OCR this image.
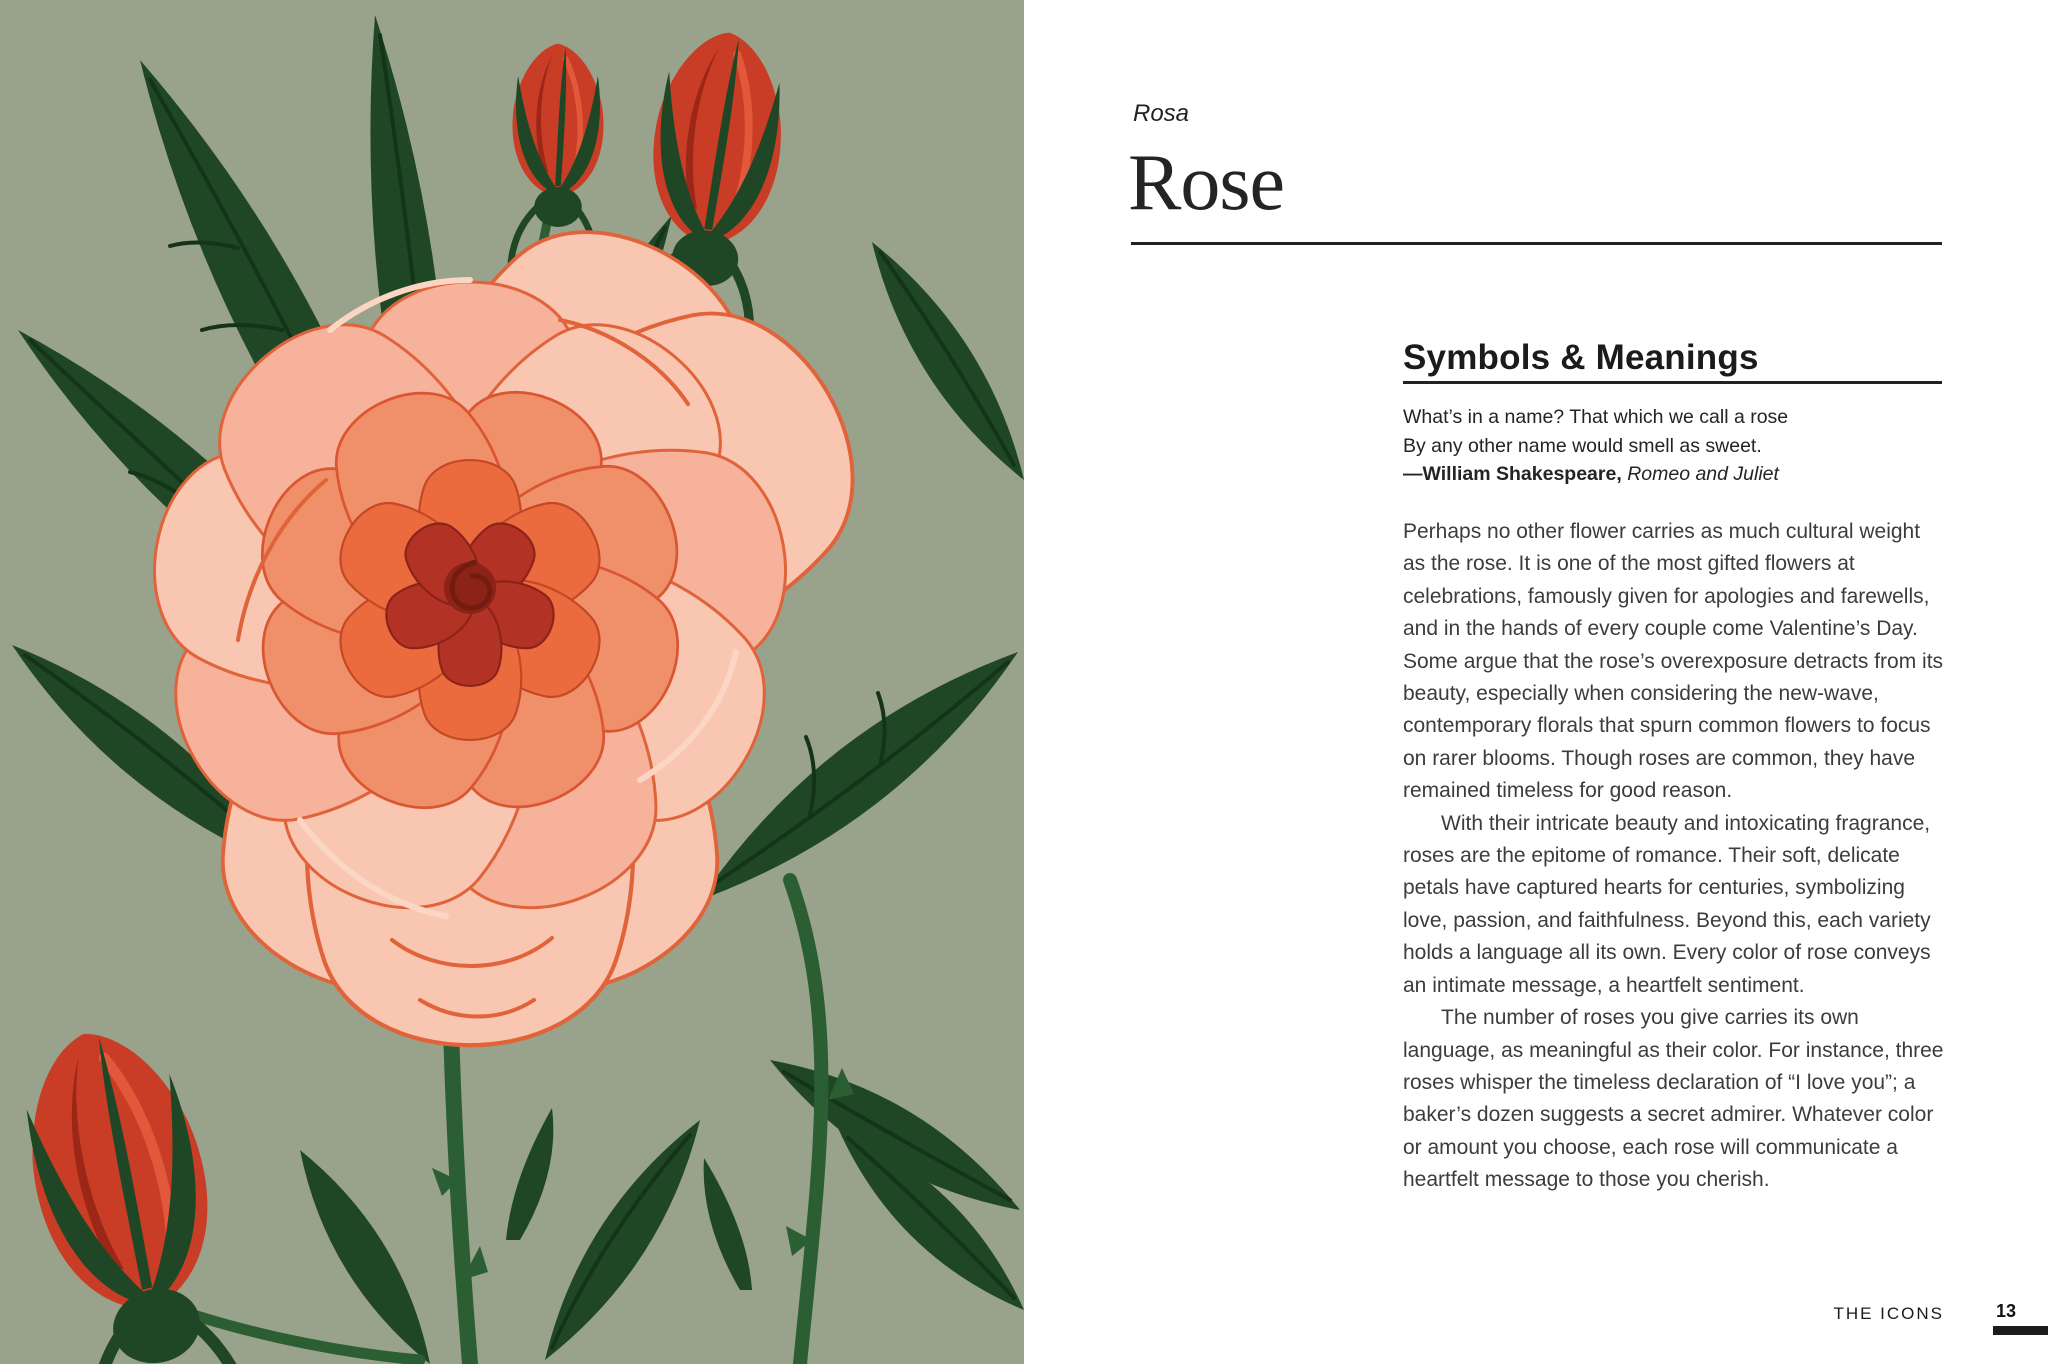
Rosa
Rose
Symbols & Meanings
What’s in a name? That which we call a rose
By any other name would smell as sweet.
—William Shakespeare, Romeo and Juliet

Perhaps no other flower carries as much cultural weight as the rose. It is one of the most gifted flowers at celebrations, famously given for apologies and farewells, and in the hands of every couple come Valentine’s Day. Some argue that the rose’s overexposure detracts from its beauty, especially when considering the new-wave, contemporary florals that spurn common flowers to focus on rarer blooms. Though roses are common, they have remained timeless for good reason.

With their intricate beauty and intoxicating fragrance, roses are the epitome of romance. Their soft, delicate petals have captured hearts for centuries, symbolizing love, passion, and faithfulness. Beyond this, each variety holds a language all its own. Every color of rose conveys an intimate message, a heartfelt sentiment.

The number of roses you give carries its own language, as meaningful as their color. For instance, three roses whisper the timeless declaration of “I love you”; a baker’s dozen suggests a secret admirer. Whatever color or amount you choose, each rose will communicate a heartfelt message to those you cherish.

THE ICONS	13
